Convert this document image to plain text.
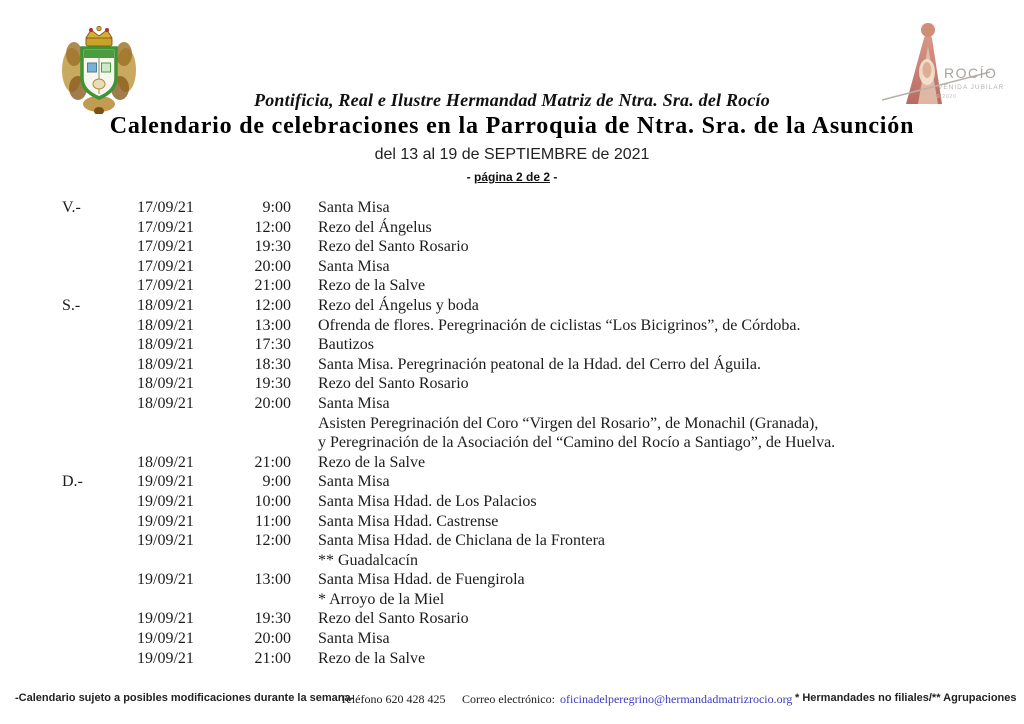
ROCÍO
VENIDA JUBILAR
2019|2020
Pontificia, Real e Ilustre Hermandad Matriz de Ntra. Sra. del Rocío
Calendario de celebraciones en la Parroquia de Ntra. Sra. de la Asunción
del 13 al 19 de SEPTIEMBRE de 2021
- página 2 de 2 -
V.-	17/09/21	9:00 Santa Misa
17/09/21	12:00 Rezo del Ángelus
17/09/21	19:30 Rezo del Santo Rosario
17/09/21	20:00 Santa Misa
17/09/21	21:00 Rezo de la Salve
S.-	18/09/21	12:00 Rezo del Ángelus y boda
18/09/21	13:00 Ofrenda de flores. Peregrinación de ciclistas “Los Bicigrinos”, de Córdoba.
18/09/21	17:30 Bautizos
18/09/21	18:30 Santa Misa. Peregrinación peatonal de la Hdad. del Cerro del Águila.
18/09/21	19:30 Rezo del Santo Rosario
18/09/21	20:00 Santa Misa
Asisten Peregrinación del Coro “Virgen del Rosario”, de Monachil (Granada),
y Peregrinación de la Asociación del “Camino del Rocío a Santiago”, de Huelva.
18/09/21	21:00 Rezo de la Salve
D.-	19/09/21	9:00 Santa Misa
19/09/21	10:00 Santa Misa Hdad. de Los Palacios
19/09/21	11:00 Santa Misa Hdad. Castrense
19/09/21	12:00 Santa Misa Hdad. de Chiclana de la Frontera
** Guadalcacín
19/09/21	13:00 Santa Misa Hdad. de Fuengirola
* Arroyo de la Miel
19/09/21	19:30 Rezo del Santo Rosario
19/09/21	20:00 Santa Misa
19/09/21	21:00 Rezo de la Salve
-Calendario sujeto a posibles modificaciones durante la semana-
Teléfono 620 428 425 Correo electrónico: oficinadelperegrino@hermandadmatrizrocio.org * Hermandades no filiales/** Agrupaciones
